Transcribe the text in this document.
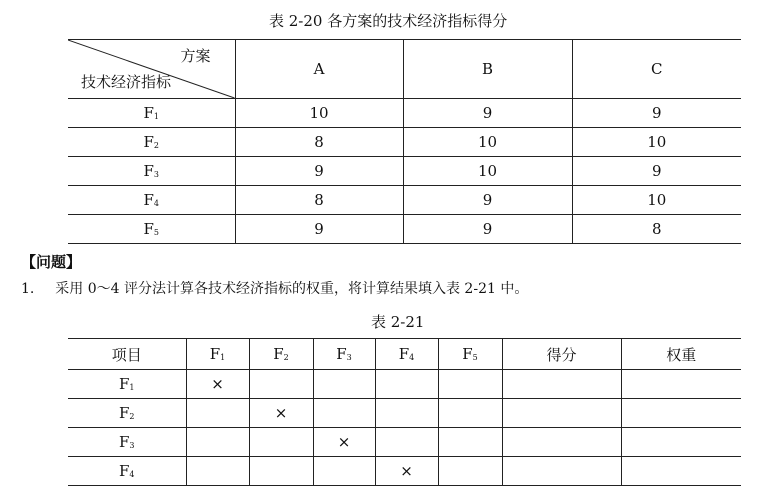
表 2-20 各方案的技术经济指标得分
方案
技术经济指标	A	B	C
F1	10	9	9
F2	8	10	10
F3	9	10	9
F4	8	9	10
F5	9	9	8
【问题】
1. 采用 0～4 评分法计算各技术经济指标的权重，将计算结果填入表 2-21 中。
表 2-21
项目	F1	F2	F3	F4	F5	得分	权重
F1	×						
F2		×					
F3			×				
F4				×			
